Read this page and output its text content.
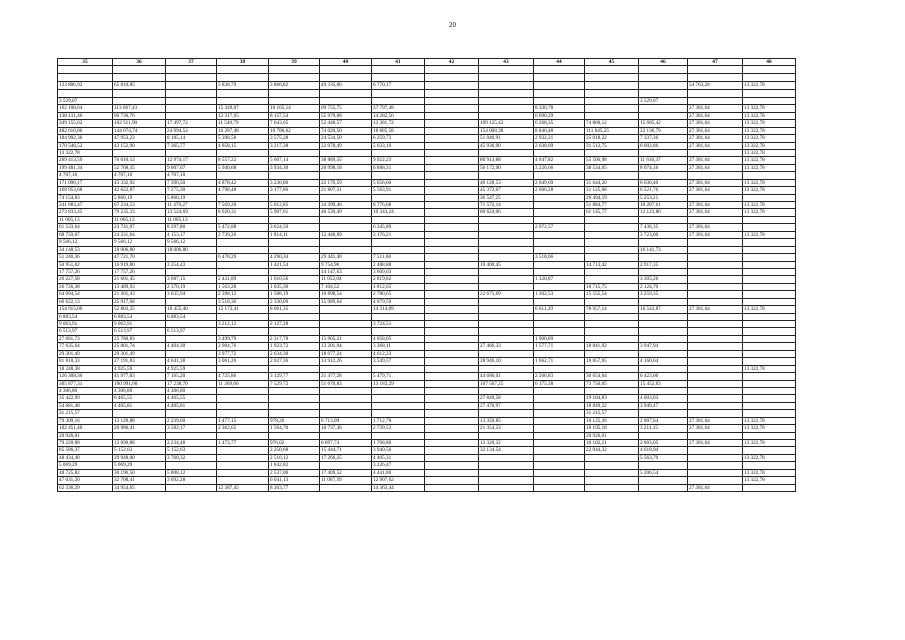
20
35	36	37	38	39	40	41	42	43	44	45	46	47	48

133 806,92	65 810,85		5 838,79	3 866,82	49 335,06	6 770,17						54 763,28	13 322,78

3 529,07											3 529,07		
162 108,64	113 667,43		15 349,07	10 165,14	69 755,75	37 797,48			8 336,78			27 381,64	13 322,78
138 131,46	90 736,76		12 317,65	8 157,54	55 979,08	14 282,50			6 690,29			27 381,64	13 322,78
349 155,62	102 511,90	17 497,72	11 540,79	7 643,05	52 448,57	13 381,72		109 125,42	6 268,35	74 860,12	15 685,42	27 381,64	13 322,78
482 016,06	144 674,74	24 694,54	16 287,48	10 786,62	74 020,50	18 885,58		154 008,38	8 846,48	111 645,25	22 136,79	27 381,64	13 322,78
184 992,36	47 953,23	8 185,14	5 398,58	3 575,28	24 534,50	6 259,73		51 046,91	2 932,21	35 018,22	7 337,36	27 381,64	13 322,78
170 548,52	43 152,90	7 365,77	4 858,15	3 217,38	22 078,49	5 633,10		45 936,90	2 638,69	31 512,75	6 602,86	27 381,64	13 322,78
13 322,78													13 322,78
269 413,59	76 010,12	12 974,17	8 557,22	5 667,14	38 889,35	9 922,23		80 913,88	4 647,82	55 506,98	11 630,37	27 381,64	13 322,78
199 481,34	52 768,35	9 007,07	5 940,68	3 934,30	26 998,18	6 888,31		56 172,90	3 226,66	38 534,65	8 074,16	27 381,64	13 322,78
4 707,10	4 707,10	4 707,10											
171 090,17	43 332,92	7 396,50	4 878,42	3 230,80	22 170,59	5 656,60		46 128,53	2 649,69	31 644,20	6 630,40	27 381,64	13 322,78
168 953,68	42 622,87	7 275,30	4 798,48	3 177,86	21 807,31	5 563,91		45 372,67	2 606,28	31 125,68	6 521,76	27 381,64	13 322,78
74 154,83	5 860,19	5 860,19						36 547,25		26 494,19	5 253,21		
241 683,47	67 234,53	11 476,27	7 569,20	5 012,85	34 399,46	8 776,68		71 572,14		51 884,77	10 287,61	27 381,64	13 322,78
273 833,45	79 235,33	13 524,69	8 920,31	5 907,61	40 539,49	10 343,24		80 624,06		61 145,77	12 123,86	27 381,64	13 322,78
11 005,13	11 005,13	11 005,13											
61 533,64	23 741,07	8 297,80	5 472,88	3 624,50		6 345,89			2 972,57		7 438,35	27 381,64	
68 759,07	24 331,64	4 153,17	2 739,26	1 814,11	12 448,89	3 176,21					3 723,00	27 381,64	13 322,78
9 566,12	9 566,12	9 566,12											
34 148,53	18 006,80	18 006,80									16 141,73		
51 240,36	47 721,70		6 478,29	4 290,34	29 441,40	7 511,68			3 518,66				
50 951,02	16 919,80	3 254,43		1 421,54	9 754,96	2 488,88		19 400,45		14 713,42	2 917,35		
17 757,26	17 757,26				14 147,63	3 609,63							
26 227,58	21 601,45	3 687,15	2 431,89	1 610,56	11 052,04	2 819,82			1 320,87		3 305,26		
26 726,38	13 489,93	2 370,19	1 563,28	1 035,30	7 104,52	1 812,65				10 715,75	2 124,70		
64 094,54	21 301,43	3 635,94	2 398,12	1 588,19	10 898,54	2 780,65		22 675,69	1 302,53	15 555,54	3 259,35		
66 622,13	25 917,68		3 518,36	2 330,09	15 989,64	4 079,59							
154 915,66	52 803,25	18 455,40	12 172,41	8 061,35		14 314,09			6 611,39	78 957,14	16 543,87	27 381,64	13 322,78
6 883,54	6 883,54	6 883,54											
9 063,91	9 063,91		3 212,12	2 127,28		3 724,51							
6 513,97	6 513,97	6 513,97											
27 681,73	25 780,83		3 499,79	2 317,78	15 905,21	4 058,05			1 900,89				
77 635,64	25 801,74	4 404,30	2 904,76	1 923,72	13 201,04	3 368,11		27 466,33	1 577,71	18 841,92	3 947,94		
29 301,49	29 301,49		3 977,72	2 634,30	18 077,24	4 612,23							
81 818,33	27 191,83	4 641,38	3 061,26	2 027,36	13 912,26	3 549,57		28 946,10	1 662,71	19 857,05	4 160,64		
18 248,38	4 925,59	4 925,59											13 322,78
126 308,36	41 977,83	7 165,20	4 725,86	3 129,77	21 477,28	5 479,71		44 686,01	2 566,83	30 654,64	6 423,06		
305 877,31	100 991,60	17 238,70	11 369,66	7 529,72	51 670,83	13 183,29		107 507,25	6 175,38	73 750,05	15 452,83		
4 306,80	4 306,80	4 306,80											
35 422,99	6 465,55	4 465,55						27 849,58		19 104,83	4 003,03		
54 681,48	4 405,81	4 405,81						27 476,97		18 849,22	3 949,47		
31 215,57										31 215,57			
79 309,16	13 120,88	2 239,60	1 477,15	978,26	6 713,09	1 712,78		13 350,85		10 125,36	2 007,64	27 381,64	13 322,78
102 451,40	20 986,41	3 582,17	2 362,65	1 564,70	10 737,36	2 739,53		21 354,23		16 195,18	3 211,15	27 381,64	13 322,78
20 926,01										20 926,01			
79 220,88	13 090,88	2 234,48	1 473,77	976,02	6 697,74	1 708,86		13 320,32		10 102,21	2 003,05	27 381,64	13 322,78
85 586,37	5 152,63	5 152,63		2 250,68	15 444,71	3 940,56		32 134,54		22 044,32	4 618,94		
48 434,48	29 948,00	3 760,32		2 516,12	17 266,25	4 405,31					5 563,70		13 322,78
5 069,29	5 069,29			1 842,82		3 226,47							
48 725,82	30 196,50	5 808,12		2 537,00	17 409,52	4 441,86					5 206,54		13 322,78
47 031,20	32 708,41	3 692,28		6 041,13	11 067,39	12 907,62							13 322,78
62 336,29	34 954,65		12 387,45	8 203,77		14 363,44						27 381,64	
